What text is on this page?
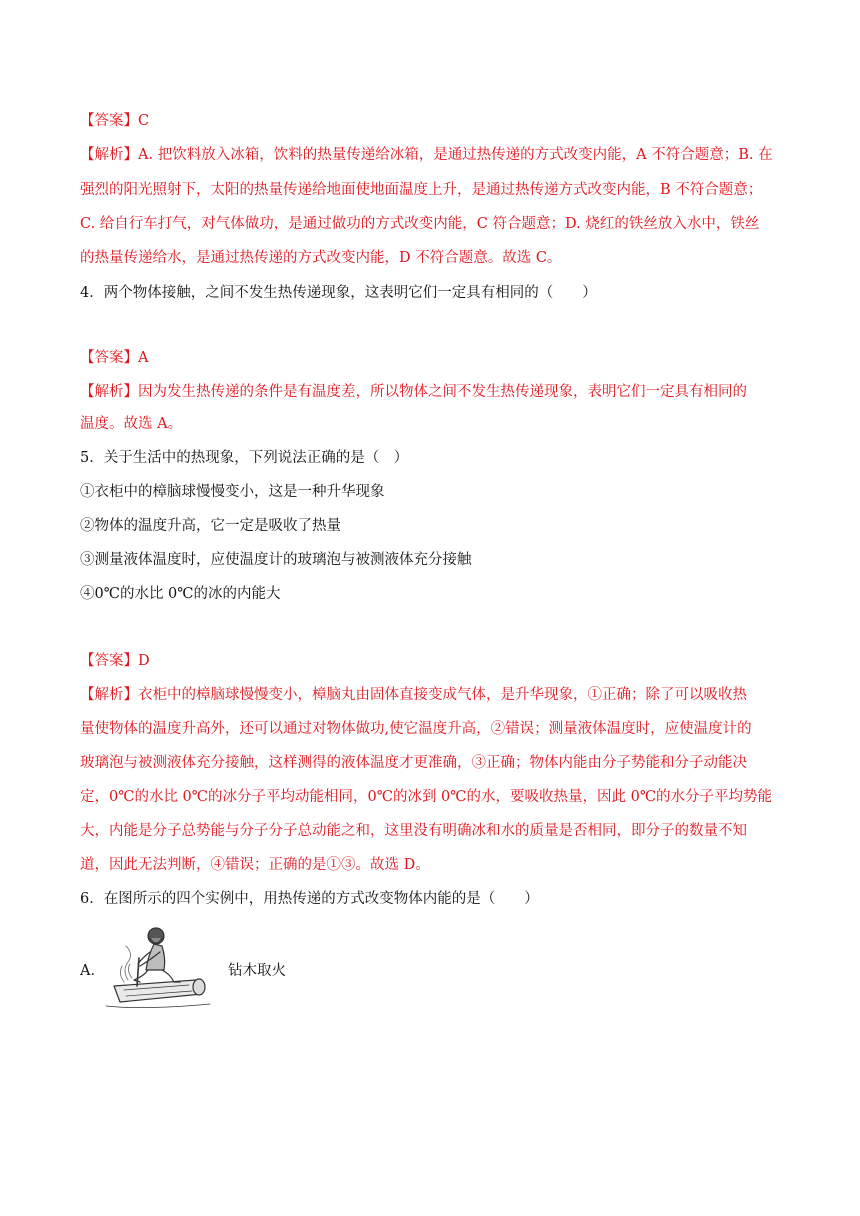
【答案】C
【解析】A. 把饮料放入冰箱，饮料的热量传递给冰箱，是通过热传递的方式改变内能，A 不符合题意；B. 在
强烈的阳光照射下，太阳的热量传递给地面使地面温度上升，是通过热传递方式改变内能，B 不符合题意；
C. 给自行车打气，对气体做功，是通过做功的方式改变内能，C 符合题意；D. 烧红的铁丝放入水中，铁丝
的热量传递给水，是通过热传递的方式改变内能，D 不符合题意。故选 C。
4．两个物体接触，之间不发生热传递现象，这表明它们一定具有相同的（　　）
【答案】A
【解析】因为发生热传递的条件是有温度差，所以物体之间不发生热传递现象，表明它们一定具有相同的
温度。故选 A。
5．关于生活中的热现象，下列说法正确的是（　）
①衣柜中的樟脑球慢慢变小，这是一种升华现象
②物体的温度升高，它一定是吸收了热量
③测量液体温度时，应使温度计的玻璃泡与被测液体充分接触
④0℃的水比 0℃的冰的内能大
【答案】D
【解析】衣柜中的樟脑球慢慢变小，樟脑丸由固体直接变成气体，是升华现象，①正确；除了可以吸收热
量使物体的温度升高外，还可以通过对物体做功,使它温度升高，②错误；测量液体温度时，应使温度计的
玻璃泡与被测液体充分接触，这样测得的液体温度才更准确，③正确；物体内能由分子势能和分子动能决
定，0℃的水比 0℃的冰分子平均动能相同，0℃的冰到 0℃的水，要吸收热量，因此 0℃的水分子平均势能
大，内能是分子总势能与分子分子总动能之和，这里没有明确冰和水的质量是否相同，即分子的数量不知
道，因此无法判断，④错误；正确的是①③。故选 D。
6．在图所示的四个实例中，用热传递的方式改变物体内能的是（　　）
A．	钻木取火
